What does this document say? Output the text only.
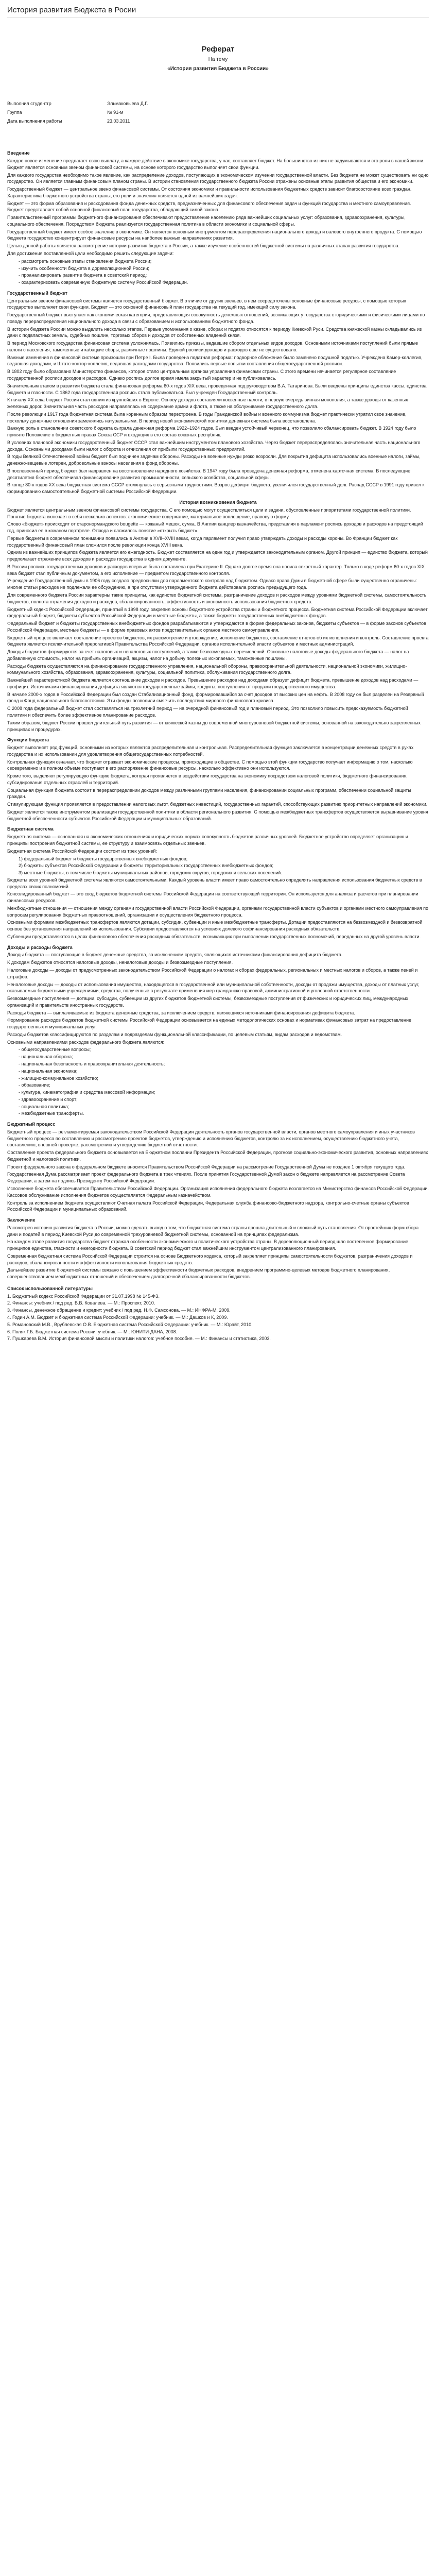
История развития Бюджета в Росии

Реферат

На тему

«История развития Бюджета в России»

Выполнил студентгр	Эльмаковыева Д.Г.
Группа	№ 91-м
Дата выполнения работы	23.03.2011
Введение

Каждое новое изменение предлагает свою выплату, а каждое действие в экономике государства, у нас, составляет бюджет. На большинство из них не задумываются и это роли в нашей жизни. Бюджет является основным звеном финансовой системы, на основе которого государство выполняет свои функции.

Для каждого государства необходимо такое явление, как распределение доходов, поступающих в экономическом изучении государственной власти. Без бюджета не может существовать ни одно государство. Он является главным финансовым планом страны. В истории становления государственного бюджета России отражены основные этапы развития общества и его экономики.

Государственный бюджет — центральное звено финансовой системы. От состояния экономики и правильности использования бюджетных средств зависит благосостояние всех граждан. Характеристика бюджетного устройства страны, его роли и значения является одной из важнейших задач.

Бюджет — это форма образования и расходования фонда денежных средств, предназначенных для финансового обеспечения задач и функций государства и местного самоуправления. Бюджет представляет собой основной финансовый план государства, обладающий силой закона.

Правительственный программы бюджетного финансирования обеспечивают предоставление населению ряда важнейших социальных услуг: образования, здравоохранения, культуры, социального обеспечения. Посредством бюджета реализуется государственная политика в области экономики и социальной сферы.

Государственный бюджет имеет особое значение в экономике. Он является основным инструментом перераспределения национального дохода и валового внутреннего продукта. С помощью бюджета государство концентрирует финансовые ресурсы на наиболее важных направлениях развития.

Целью данной работы является рассмотрение истории развития бюджета в России, а также изучение особенностей бюджетной системы на различных этапах развития государства.

Для достижения поставленной цели необходимо решить следующие задачи:

- рассмотреть основные этапы становления бюджета России;

- изучить особенности бюджета в дореволюционной России;

- проанализировать развитие бюджета в советский период;

- охарактеризовать современную бюджетную систему Российской Федерации.

Государственный бюджет

Центральным звеном финансовой системы является государственный бюджет. В отличие от других звеньев, в нем сосредоточены основные финансовые ресурсы, с помощью которых государство выполняет свои функции. Бюджет — это основной финансовый план государства на текущий год, имеющий силу закона.

Государственный бюджет выступает как экономическая категория, представляющая совокупность денежных отношений, возникающих у государства с юридическими и физическими лицами по поводу перераспределения национального дохода в связи с образованием и использованием бюджетного фонда.

В истории бюджета России можно выделить несколько этапов. Первые упоминания о казне, сборах и податях относятся к периоду Киевской Руси. Средства княжеской казны складывались из дани с подвластных земель, судебных пошлин, торговых сборов и доходов от собственных владений князя.

В период Московского государства финансовая система усложнилась. Появились приказы, ведавшие сбором отдельных видов доходов. Основными источниками поступлений были прямые налоги с населения, таможенные и кабацкие сборы, различные пошлины. Единой росписи доходов и расходов еще не существовало.

Важные изменения в финансовой системе произошли при Петре I. Была проведена податная реформа: подворное обложение было заменено подушной податью. Учреждена Камер-коллегия, ведавшая доходами, и Штатс-контор-коллегия, ведавшая расходами государства. Появились первые попытки составления общегосударственной росписи.

В 1802 году было образовано Министерство финансов, которое стало центральным органом управления финансами страны. С этого времени начинается регулярное составление государственной росписи доходов и расходов. Однако роспись долгое время имела закрытый характер и не публиковалась.

Значительным этапом в развитии бюджета стала финансовая реформа 60-х годов XIX века, проведенная под руководством В.А. Татаринова. Были введены принципы единства кассы, единства бюджета и гласности. С 1862 года государственная роспись стала публиковаться. Был учрежден Государственный контроль.

К началу XX века бюджет России стал одним из крупнейших в Европе. Основу доходов составляли косвенные налоги, в первую очередь винная монополия, а также доходы от казенных железных дорог. Значительная часть расходов направлялась на содержание армии и флота, а также на обслуживание государственного долга.

После революции 1917 года бюджетная система была коренным образом перестроена. В годы Гражданской войны и военного коммунизма бюджет практически утратил свое значение, поскольку денежные отношения заменялись натуральными. В период новой экономической политики денежная система была восстановлена.

Важную роль в становлении советского бюджета сыграла денежная реформа 1922–1924 годов. Был введен устойчивый червонец, что позволило сбалансировать бюджет. В 1924 году было принято Положение о бюджетных правах Союза ССР и входящих в его состав союзных республик.

В условиях плановой экономики государственный бюджет СССР стал важнейшим инструментом планового хозяйства. Через бюджет перераспределялась значительная часть национального дохода. Основными доходами были налог с оборота и отчисления от прибыли государственных предприятий.

В годы Великой Отечественной войны бюджет был подчинен задачам обороны. Расходы на военные нужды резко возросли. Для покрытия дефицита использовались военные налоги, займы, денежно-вещевые лотереи, добровольные взносы населения в фонд обороны.

В послевоенный период бюджет был направлен на восстановление народного хозяйства. В 1947 году была проведена денежная реформа, отменена карточная система. В последующие десятилетия бюджет обеспечивал финансирование развития промышленности, сельского хозяйства, социальной сферы.

В конце 80-х годов XX века бюджетная система СССР столкнулась с серьезными трудностями. Возрос дефицит бюджета, увеличился государственный долг. Распад СССР в 1991 году привел к формированию самостоятельной бюджетной системы Российской Федерации.

История возникновения бюджета

Бюджет является центральным звеном финансовой системы государства. С его помощью могут осуществляться цели и задачи, обусловленные приоритетами государственной политики. Понятие бюджета включает в себя несколько аспектов: экономическое содержание, материальное воплощение, правовую форму.

Слово «бюджет» происходит от старонормандского bougette — кожаный мешок, сумка. В Англии канцлер казначейства, представляя в парламент роспись доходов и расходов на предстоящий год, приносил ее в кожаном портфеле. Отсюда и сложилось понятие «открыть бюджет».

Первые бюджеты в современном понимании появились в Англии в XVII–XVIII веках, когда парламент получил право утверждать доходы и расходы короны. Во Франции бюджет как государственный финансовый план сложился после революции конца XVIII века.

Одним из важнейших принципов бюджета является его ежегодность. Бюджет составляется на один год и утверждается законодательным органом. Другой принцип — единство бюджета, который предполагает отражение всех доходов и расходов государства в одном документе.

В России роспись государственных доходов и расходов впервые была составлена при Екатерине II. Однако долгое время она носила секретный характер. Только в ходе реформ 60-х годов XIX века бюджет стал публичным документом, а его исполнение — предметом государственного контроля.

Учреждение Государственной думы в 1906 году создало предпосылки для парламентского контроля над бюджетом. Однако права Думы в бюджетной сфере были существенно ограничены: многие статьи расходов не подлежали ее обсуждению, а при отсутствии утвержденного бюджета действовала роспись предыдущего года.

Для современного бюджета России характерны такие принципы, как единство бюджетной системы, разграничение доходов и расходов между уровнями бюджетной системы, самостоятельность бюджетов, полнота отражения доходов и расходов, сбалансированность, эффективность и экономность использования бюджетных средств.

Бюджетный кодекс Российской Федерации, принятый в 1998 году, закрепил основы бюджетного устройства страны и бюджетного процесса. Бюджетная система Российской Федерации включает федеральный бюджет, бюджеты субъектов Российской Федерации и местные бюджеты, а также бюджеты государственных внебюджетных фондов.

Федеральный бюджет и бюджеты государственных внебюджетных фондов разрабатываются и утверждаются в форме федеральных законов, бюджеты субъектов — в форме законов субъектов Российской Федерации, местные бюджеты — в форме правовых актов представительных органов местного самоуправления.

Бюджетный процесс включает составление проектов бюджетов, их рассмотрение и утверждение, исполнение бюджетов, составление отчетов об их исполнении и контроль. Составление проекта бюджета является исключительной прерогативой Правительства Российской Федерации, органов исполнительной власти субъектов и местных администраций.

Доходы бюджетов формируются за счет налоговых и неналоговых поступлений, а также безвозмездных перечислений. Основные налоговые доходы федерального бюджета — налог на добавленную стоимость, налог на прибыль организаций, акцизы, налог на добычу полезных ископаемых, таможенные пошлины.

Расходы бюджета осуществляются на финансирование государственного управления, национальной обороны, правоохранительной деятельности, национальной экономики, жилищно-коммунального хозяйства, образования, здравоохранения, культуры, социальной политики, обслуживания государственного долга.

Важнейшей характеристикой бюджета является соотношение доходов и расходов. Превышение расходов над доходами образует дефицит бюджета, превышение доходов над расходами — профицит. Источниками финансирования дефицита являются государственные займы, кредиты, поступления от продажи государственного имущества.

В начале 2000-х годов в Российской Федерации был создан Стабилизационный фонд, формировавшийся за счет доходов от высоких цен на нефть. В 2008 году он был разделен на Резервный фонд и Фонд национального благосостояния. Эти фонды позволили смягчить последствия мирового финансового кризиса.

С 2008 года федеральный бюджет стал составляться на трехлетний период — на очередной финансовый год и плановый период. Это позволило повысить предсказуемость бюджетной политики и обеспечить более эффективное планирование расходов.

Таким образом, бюджет России прошел длительный путь развития — от княжеской казны до современной многоуровневой бюджетной системы, основанной на законодательно закрепленных принципах и процедурах.

Функции бюджета

Бюджет выполняет ряд функций, основными из которых являются распределительная и контрольная. Распределительная функция заключается в концентрации денежных средств в руках государства и их использовании для удовлетворения общегосударственных потребностей.

Контрольная функция означает, что бюджет отражает экономические процессы, происходящие в обществе. С помощью этой функции государство получает информацию о том, насколько своевременно и в полном объеме поступают в его распоряжение финансовые ресурсы, насколько эффективно они используются.

Кроме того, выделяют регулирующую функцию бюджета, которая проявляется в воздействии государства на экономику посредством налоговой политики, бюджетного финансирования, субсидирования отдельных отраслей и территорий.

Социальная функция бюджета состоит в перераспределении доходов между различными группами населения, финансировании социальных программ, обеспечении социальной защиты граждан.

Стимулирующая функция проявляется в предоставлении налоговых льгот, бюджетных инвестиций, государственных гарантий, способствующих развитию приоритетных направлений экономики.

Бюджет является также инструментом реализации государственной политики в области регионального развития. С помощью межбюджетных трансфертов осуществляется выравнивание уровня бюджетной обеспеченности субъектов Российской Федерации и муниципальных образований.

Бюджетная система

Бюджетная система — основанная на экономических отношениях и юридических нормах совокупность бюджетов различных уровней. Бюджетное устройство определяет организацию и принципы построения бюджетной системы, ее структуру и взаимосвязь отдельных звеньев.

Бюджетная система Российской Федерации состоит из трех уровней:

1) федеральный бюджет и бюджеты государственных внебюджетных фондов;

2) бюджеты субъектов Российской Федерации и бюджеты территориальных государственных внебюджетных фондов;

3) местные бюджеты, в том числе бюджеты муниципальных районов, городских округов, городских и сельских поселений.

Бюджеты всех уровней бюджетной системы являются самостоятельными. Каждый уровень власти имеет право самостоятельно определять направления использования бюджетных средств в пределах своих полномочий.

Консолидированный бюджет — это свод бюджетов бюджетной системы Российской Федерации на соответствующей территории. Он используется для анализа и расчетов при планировании финансовых ресурсов.

Межбюджетные отношения — отношения между органами государственной власти Российской Федерации, органами государственной власти субъектов и органами местного самоуправления по вопросам регулирования бюджетных правоотношений, организации и осуществления бюджетного процесса.

Основными формами межбюджетных трансфертов являются дотации, субсидии, субвенции и иные межбюджетные трансферты. Дотации предоставляются на безвозмездной и безвозвратной основе без установления направлений их использования. Субсидии предоставляются на условиях долевого софинансирования расходных обязательств.

Субвенции предоставляются в целях финансового обеспечения расходных обязательств, возникающих при выполнении государственных полномочий, переданных на другой уровень власти.

Доходы и расходы бюджета

Доходы бюджета — поступающие в бюджет денежные средства, за исключением средств, являющихся источниками финансирования дефицита бюджета.

К доходам бюджетов относятся налоговые доходы, неналоговые доходы и безвозмездные поступления.

Налоговые доходы — доходы от предусмотренных законодательством Российской Федерации о налогах и сборах федеральных, региональных и местных налогов и сборов, а также пеней и штрафов.

Неналоговые доходы — доходы от использования имущества, находящегося в государственной или муниципальной собственности, доходы от продажи имущества, доходы от платных услуг, оказываемых бюджетными учреждениями, средства, полученные в результате применения мер гражданско-правовой, административной и уголовной ответственности.

Безвозмездные поступления — дотации, субсидии, субвенции из других бюджетов бюджетной системы, безвозмездные поступления от физических и юридических лиц, международных организаций и правительств иностранных государств.

Расходы бюджета — выплачиваемые из бюджета денежные средства, за исключением средств, являющихся источниками финансирования дефицита бюджета.

Формирование расходов бюджетов бюджетной системы Российской Федерации основывается на единых методологических основах и нормативах финансовых затрат на предоставление государственных и муниципальных услуг.

Расходы бюджетов классифицируются по разделам и подразделам функциональной классификации, по целевым статьям, видам расходов и ведомствам.

Основными направлениями расходов федерального бюджета являются:

- общегосударственные вопросы;

- национальная оборона;

- национальная безопасность и правоохранительная деятельность;

- национальная экономика;

- жилищно-коммунальное хозяйство;

- образование;

- культура, кинематография и средства массовой информации;

- здравоохранение и спорт;

- социальная политика;

- межбюджетные трансферты.

Бюджетный процесс

Бюджетный процесс — регламентируемая законодательством Российской Федерации деятельность органов государственной власти, органов местного самоуправления и иных участников бюджетного процесса по составлению и рассмотрению проектов бюджетов, утверждению и исполнению бюджетов, контролю за их исполнением, осуществлению бюджетного учета, составлению, внешней проверке, рассмотрению и утверждению бюджетной отчетности.

Составление проекта федерального бюджета основывается на Бюджетном послании Президента Российской Федерации, прогнозе социально-экономического развития, основных направлениях бюджетной и налоговой политики.

Проект федерального закона о федеральном бюджете вносится Правительством Российской Федерации на рассмотрение Государственной Думы не позднее 1 октября текущего года.

Государственная Дума рассматривает проект федерального бюджета в трех чтениях. После принятия Государственной Думой закон о бюджете направляется на рассмотрение Совета Федерации, а затем на подпись Президенту Российской Федерации.

Исполнение бюджета обеспечивается Правительством Российской Федерации. Организация исполнения федерального бюджета возлагается на Министерство финансов Российской Федерации. Кассовое обслуживание исполнения бюджетов осуществляется Федеральным казначейством.

Контроль за исполнением бюджета осуществляют Счетная палата Российской Федерации, Федеральная служба финансово-бюджетного надзора, контрольно-счетные органы субъектов Российской Федерации и муниципальных образований.

Заключение

Рассмотрев историю развития бюджета в России, можно сделать вывод о том, что бюджетная система страны прошла длительный и сложный путь становления. От простейших форм сбора дани и податей в период Киевской Руси до современной трехуровневой бюджетной системы, основанной на принципах федерализма.

На каждом этапе развития государства бюджет отражал особенности экономического и политического устройства страны. В дореволюционный период шло постепенное формирование принципов единства, гласности и ежегодности бюджета. В советский период бюджет стал важнейшим инструментом централизованного планирования.

Современная бюджетная система Российской Федерации строится на основе Бюджетного кодекса, который закрепляет принципы самостоятельности бюджетов, разграничения доходов и расходов, сбалансированности и эффективности использования бюджетных средств.

Дальнейшее развитие бюджетной системы связано с повышением эффективности бюджетных расходов, внедрением программно-целевых методов бюджетного планирования, совершенствованием межбюджетных отношений и обеспечением долгосрочной сбалансированности бюджетов.

Список использованной литературы
1. Бюджетный кодекс Российской Федерации от 31.07.1998 № 145-ФЗ.
2. Финансы: учебник / под ред. В.В. Ковалева. — М.: Проспект, 2010.
3. Финансы, денежное обращение и кредит: учебник / под ред. Н.Ф. Самсонова. — М.: ИНФРА-М, 2009.
4. Годин А.М. Бюджет и бюджетная система Российской Федерации: учебник. — М.: Дашков и К, 2009.
5. Романовский М.В., Врублевская О.В. Бюджетная система Российской Федерации: учебник. — М.: Юрайт, 2010.
6. Поляк Г.Б. Бюджетная система России: учебник. — М.: ЮНИТИ-ДАНА, 2008.
7. Пушкарева В.М. История финансовой мысли и политики налогов: учебное пособие. — М.: Финансы и статистика, 2003.
